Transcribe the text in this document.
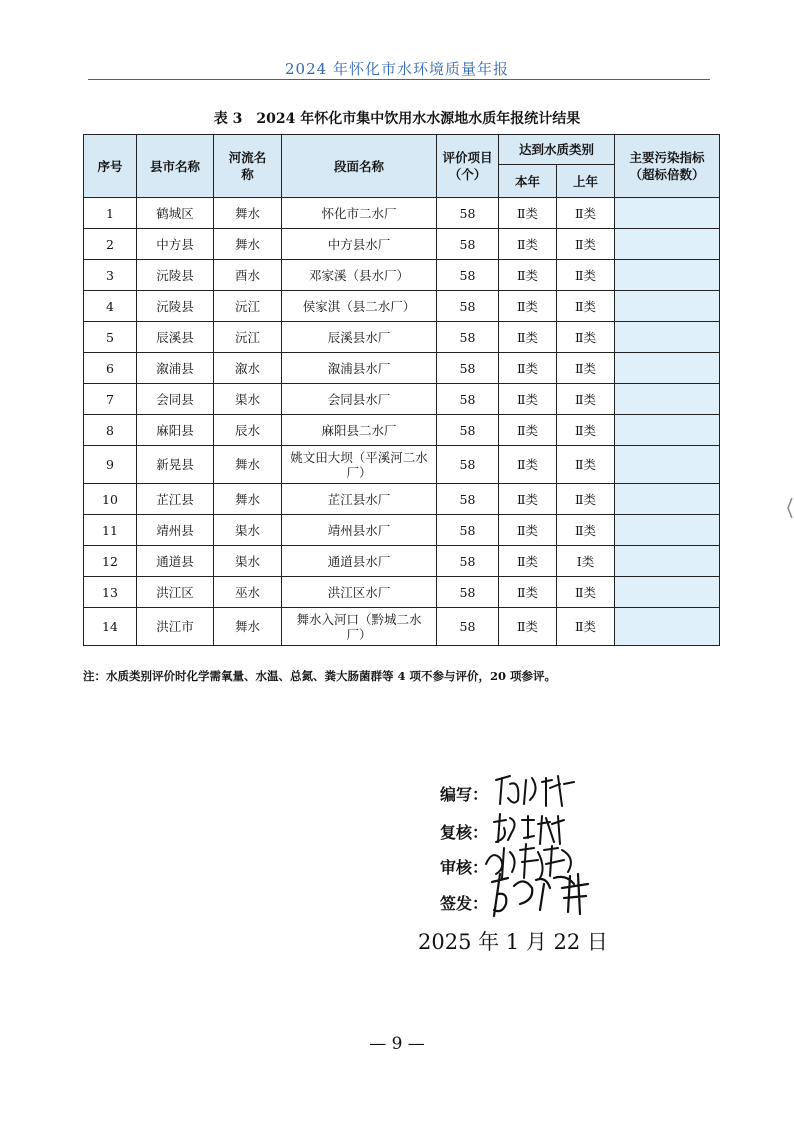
2024 年怀化市水环境质量年报
表 3　2024 年怀化市集中饮用水水源地水质年报统计结果
序号	县市名称	河流名称	段面名称	评价项目（个）	达到水质类别		主要污染指标（超标倍数）

					本年	上年	
1	鹤城区	舞水	怀化市二水厂	58	Ⅱ类	Ⅱ类	
2	中方县	舞水	中方县水厂	58	Ⅱ类	Ⅱ类	
3	沅陵县	酉水	邓家溪（县水厂）	58	Ⅱ类	Ⅱ类	
4	沅陵县	沅江	侯家淇（县二水厂）	58	Ⅱ类	Ⅱ类	
5	辰溪县	沅江	辰溪县水厂	58	Ⅱ类	Ⅱ类	
6	溆浦县	溆水	溆浦县水厂	58	Ⅱ类	Ⅱ类	
7	会同县	渠水	会同县水厂	58	Ⅱ类	Ⅱ类	
8	麻阳县	辰水	麻阳县二水厂	58	Ⅱ类	Ⅱ类	
9	新晃县	舞水	姚文田大坝（平溪河二水厂）	58	Ⅱ类	Ⅱ类	
10	芷江县	舞水	芷江县水厂	58	Ⅱ类	Ⅱ类	
11	靖州县	渠水	靖州县水厂	58	Ⅱ类	Ⅱ类	
12	通道县	渠水	通道县水厂	58	Ⅱ类	Ⅰ类	
13	洪江区	巫水	洪江区水厂	58	Ⅱ类	Ⅱ类	
14	洪江市	舞水	舞水入河口（黔城二水厂）	58	Ⅱ类	Ⅱ类	
注：水质类别评价时化学需氧量、水温、总氮、粪大肠菌群等 4 项不参与评价，20 项参评。
编写：
复核：
审核：
签发：
2025 年 1 月 22 日
— 9 —
